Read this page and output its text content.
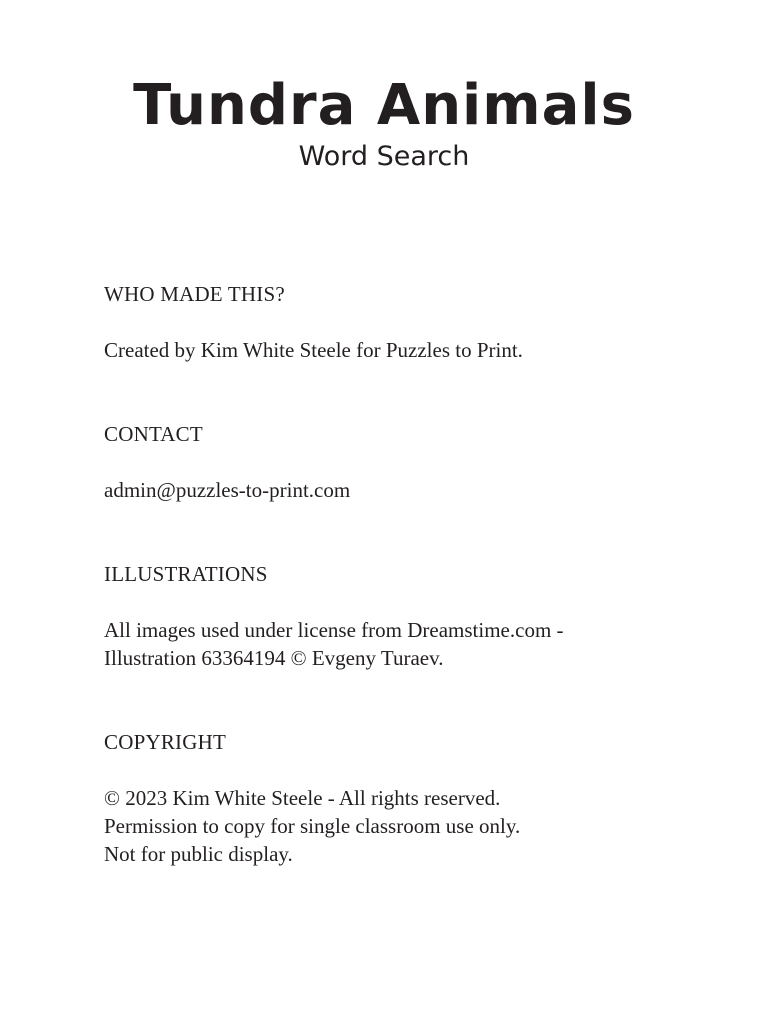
Tundra Animals
Word Search
WHO MADE THIS?
Created by Kim White Steele for Puzzles to Print.
CONTACT
admin@puzzles-to-print.com
ILLUSTRATIONS
All images used under license from Dreamstime.com -
Illustration 63364194 © Evgeny Turaev.
COPYRIGHT
© 2023 Kim White Steele - All rights reserved.
Permission to copy for single classroom use only.
Not for public display.
